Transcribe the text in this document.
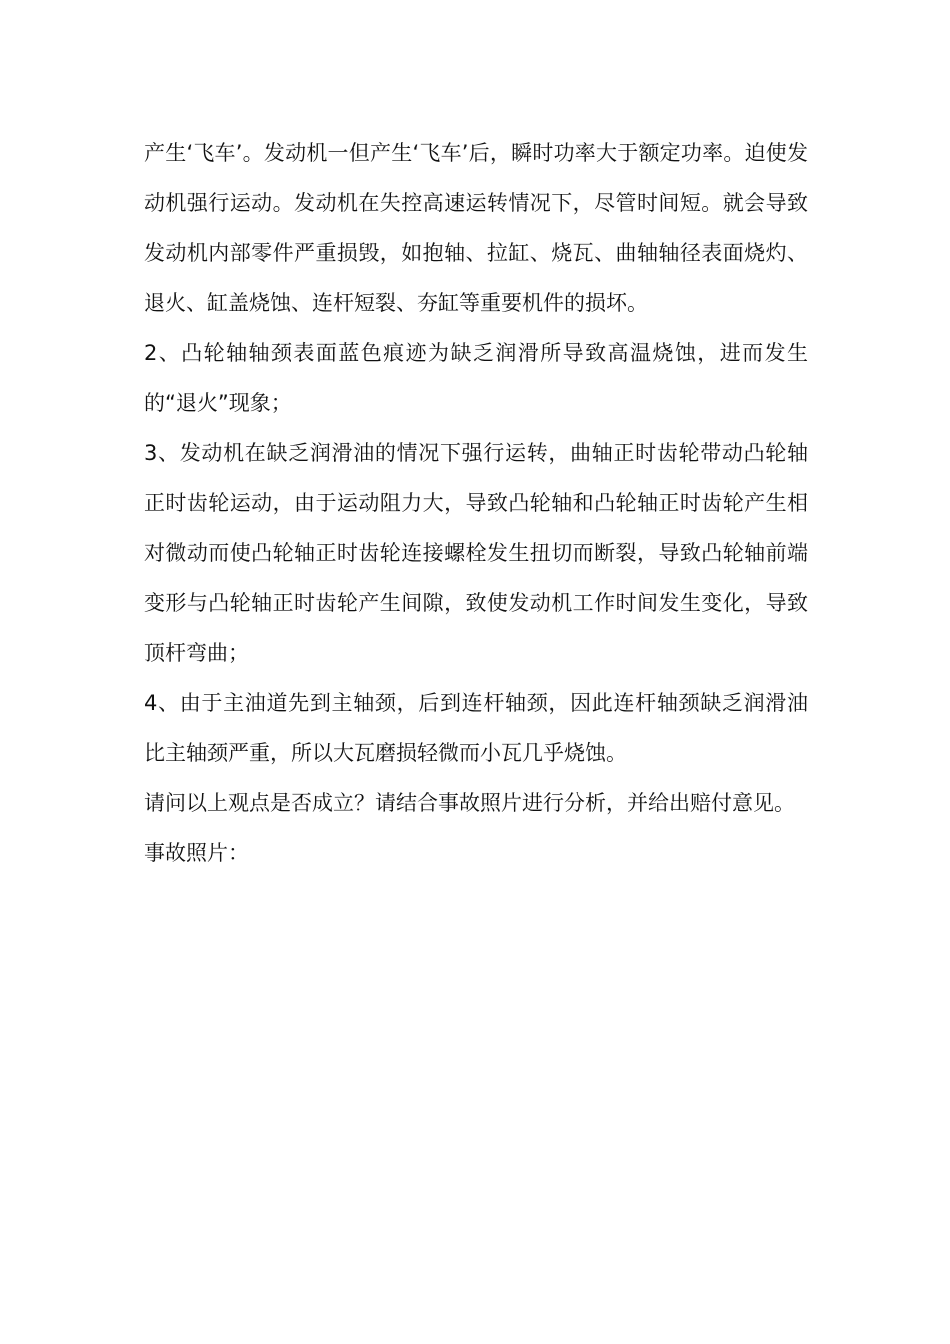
产生‘飞车’。发动机一但产生‘飞车’后，瞬时功率大于额定功率。迫使发动机强行运动。发动机在失控高速运转情况下，尽管时间短。就会导致发动机内部零件严重损毁，如抱轴、拉缸、烧瓦、曲轴轴径表面烧灼、退火、缸盖烧蚀、连杆短裂、夯缸等重要机件的损坏。

2、凸轮轴轴颈表面蓝色痕迹为缺乏润滑所导致高温烧蚀，进而发生的“退火”现象；

3、发动机在缺乏润滑油的情况下强行运转，曲轴正时齿轮带动凸轮轴正时齿轮运动，由于运动阻力大，导致凸轮轴和凸轮轴正时齿轮产生相对微动而使凸轮轴正时齿轮连接螺栓发生扭切而断裂，导致凸轮轴前端变形与凸轮轴正时齿轮产生间隙，致使发动机工作时间发生变化，导致顶杆弯曲；

4、由于主油道先到主轴颈，后到连杆轴颈，因此连杆轴颈缺乏润滑油比主轴颈严重，所以大瓦磨损轻微而小瓦几乎烧蚀。

请问以上观点是否成立？请结合事故照片进行分析，并给出赔付意见。

事故照片：
